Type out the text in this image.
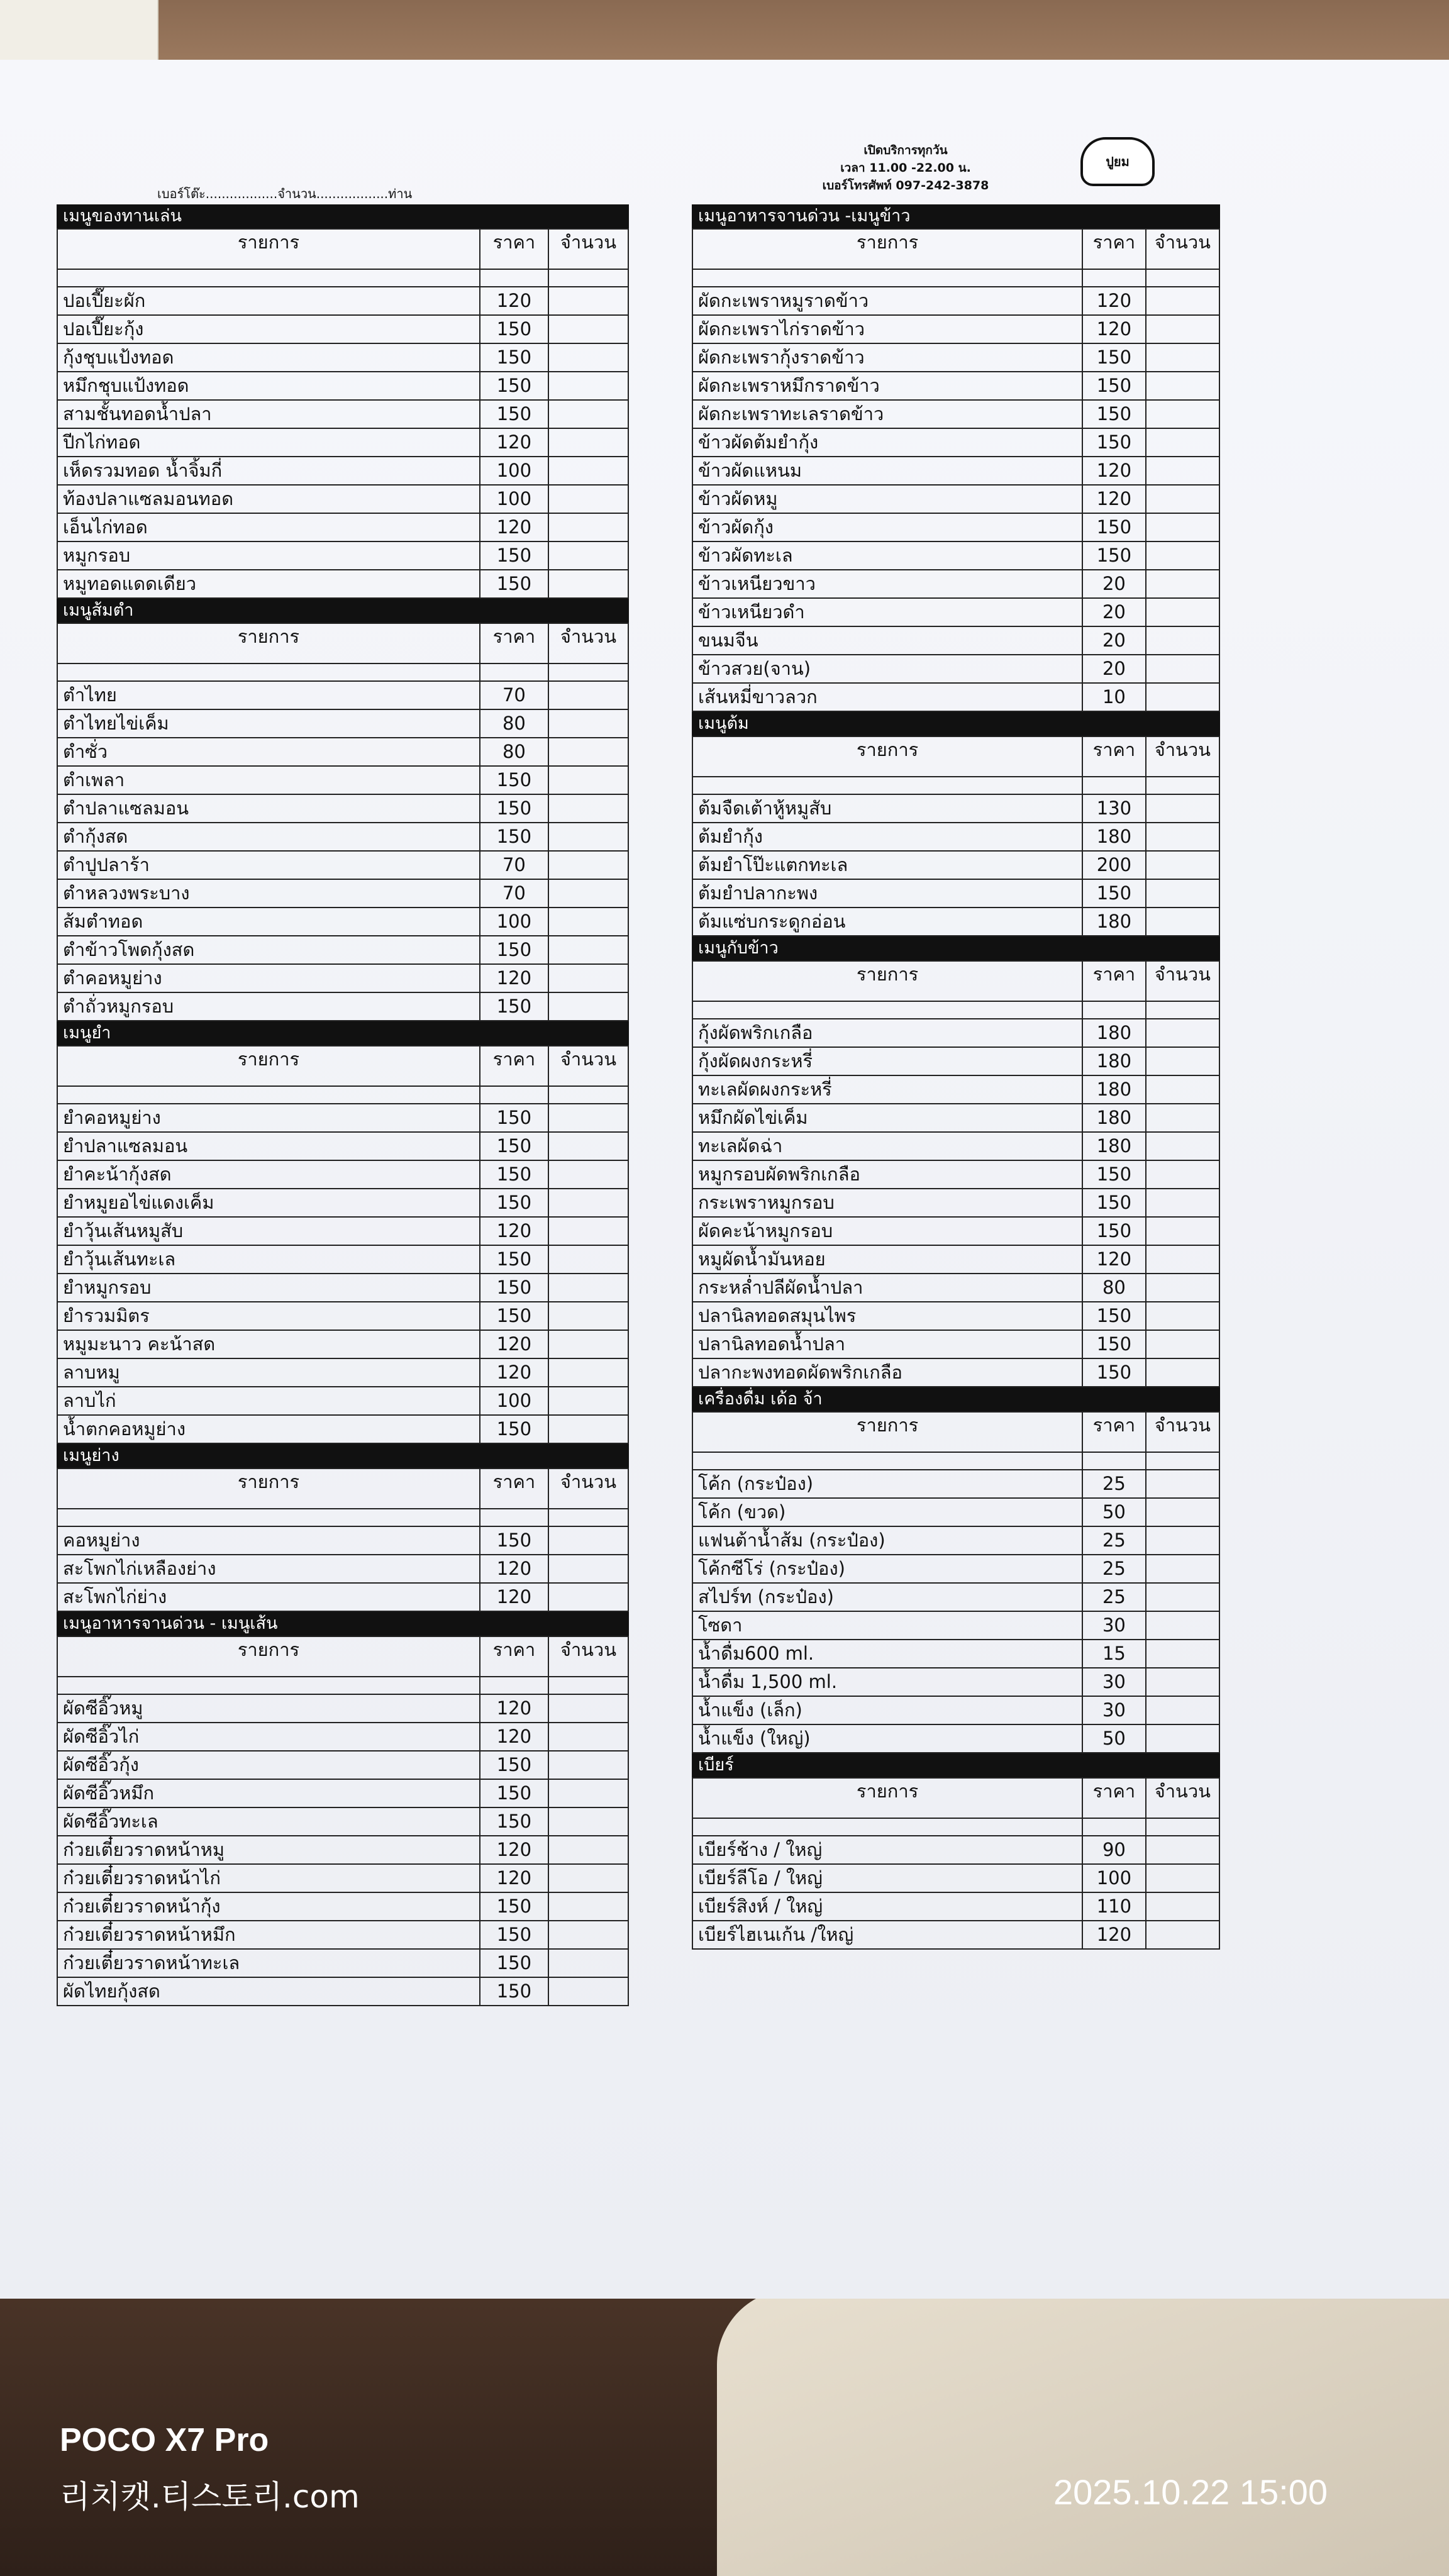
เปิดบริการทุกวัน
เวลา 11.00 -22.00 น.
เบอร์โทรศัพท์ 097-242-3878
ปูยม
เบอร์โต๊ะ..................จำนวน..................ท่าน
เมนูของทานเล่น
รายการ	ราคา	จำนวน

ปอเปี๊ยะผัก	120	
ปอเปี๊ยะกุ้ง	150	
กุ้งชุบแป้งทอด	150	
หมึกชุบแป้งทอด	150	
สามชั้นทอดน้ำปลา	150	
ปีกไก่ทอด	120	
เห็ดรวมทอด น้ำจิ้มกี่	100	
ท้องปลาแซลมอนทอด	100	
เอ็นไก่ทอด	120	
หมูกรอบ	150	
หมูทอดแดดเดียว	150	
เมนูส้มตำ
รายการ	ราคา	จำนวน

ตำไทย	70	
ตำไทยไข่เค็ม	80	
ตำซั่ว	80	
ตำเพลา	150	
ตำปลาแซลมอน	150	
ตำกุ้งสด	150	
ตำปูปลาร้า	70	
ตำหลวงพระบาง	70	
ส้มตำทอด	100	
ตำข้าวโพดกุ้งสด	150	
ตำคอหมูย่าง	120	
ตำถั่วหมูกรอบ	150	
เมนูยำ
รายการ	ราคา	จำนวน

ยำคอหมูย่าง	150	
ยำปลาแซลมอน	150	
ยำคะน้ากุ้งสด	150	
ยำหมูยอไข่แดงเค็ม	150	
ยำวุ้นเส้นหมูสับ	120	
ยำวุ้นเส้นทะเล	150	
ยำหมูกรอบ	150	
ยำรวมมิตร	150	
หมูมะนาว คะน้าสด	120	
ลาบหมู	120	
ลาบไก่	100	
น้ำตกคอหมูย่าง	150	
เมนูย่าง
รายการ	ราคา	จำนวน

คอหมูย่าง	150	
สะโพกไก่เหลืองย่าง	120	
สะโพกไก่ย่าง	120	
เมนูอาหารจานด่วน - เมนูเส้น
รายการ	ราคา	จำนวน

ผัดซีอิ๊วหมู	120	
ผัดซีอิ๊วไก่	120	
ผัดซีอิ๊วกุ้ง	150	
ผัดซีอิ๊วหมึก	150	
ผัดซีอิ๊วทะเล	150	
ก๋วยเตี๋ยวราดหน้าหมู	120	
ก๋วยเตี๋ยวราดหน้าไก่	120	
ก๋วยเตี๋ยวราดหน้ากุ้ง	150	
ก๋วยเตี๋ยวราดหน้าหมึก	150	
ก๋วยเตี๋ยวราดหน้าทะเล	150	
ผัดไทยกุ้งสด	150	
เมนูอาหารจานด่วน -เมนูข้าว
รายการ	ราคา	จำนวน

ผัดกะเพราหมูราดข้าว	120	
ผัดกะเพราไก่ราดข้าว	120	
ผัดกะเพรากุ้งราดข้าว	150	
ผัดกะเพราหมึกราดข้าว	150	
ผัดกะเพราทะเลราดข้าว	150	
ข้าวผัดต้มยำกุ้ง	150	
ข้าวผัดแหนม	120	
ข้าวผัดหมู	120	
ข้าวผัดกุ้ง	150	
ข้าวผัดทะเล	150	
ข้าวเหนียวขาว	20	
ข้าวเหนียวดำ	20	
ขนมจีน	20	
ข้าวสวย(จาน)	20	
เส้นหมี่ขาวลวก	10	
เมนูต้ม
รายการ	ราคา	จำนวน

ต้มจืดเต้าหู้หมูสับ	130	
ต้มยำกุ้ง	180	
ต้มยำโป๊ะแตกทะเล	200	
ต้มยำปลากะพง	150	
ต้มแซ่บกระดูกอ่อน	180	
เมนูกับข้าว
รายการ	ราคา	จำนวน

กุ้งผัดพริกเกลือ	180	
กุ้งผัดผงกระหรี่	180	
ทะเลผัดผงกระหรี่	180	
หมึกผัดไข่เค็ม	180	
ทะเลผัดฉ่า	180	
หมูกรอบผัดพริกเกลือ	150	
กระเพราหมูกรอบ	150	
ผัดคะน้าหมูกรอบ	150	
หมูผัดน้ำมันหอย	120	
กระหล่ำปลีผัดน้ำปลา	80	
ปลานิลทอดสมุนไพร	150	
ปลานิลทอดน้ำปลา	150	
ปลากะพงทอดผัดพริกเกลือ	150	
เครื่องดื่ม เด้อ จ้า
รายการ	ราคา	จำนวน

โค้ก (กระป๋อง)	25	
โค้ก (ขวด)	50	
แฟนต้าน้ำส้ม (กระป๋อง)	25	
โค้กซีโร่ (กระป๋อง)	25	
สไปร์ท (กระป๋อง)	25	
โซดา	30	
น้ำดื่ม600 ml.	15	
น้ำดื่ม 1,500 ml.	30	
น้ำแข็ง (เล็ก)	30	
น้ำแข็ง (ใหญ่)	50	
เบียร์
รายการ	ราคา	จำนวน

เบียร์ช้าง / ใหญ่	90	
เบียร์ลีโอ / ใหญ่	100	
เบียร์สิงห์ / ใหญ่	110	
เบียร์ไฮเนเก้น /ใหญ่	120	
POCO X7 Pro
리치캣.티스토리.com	2025.10.22 15:00
